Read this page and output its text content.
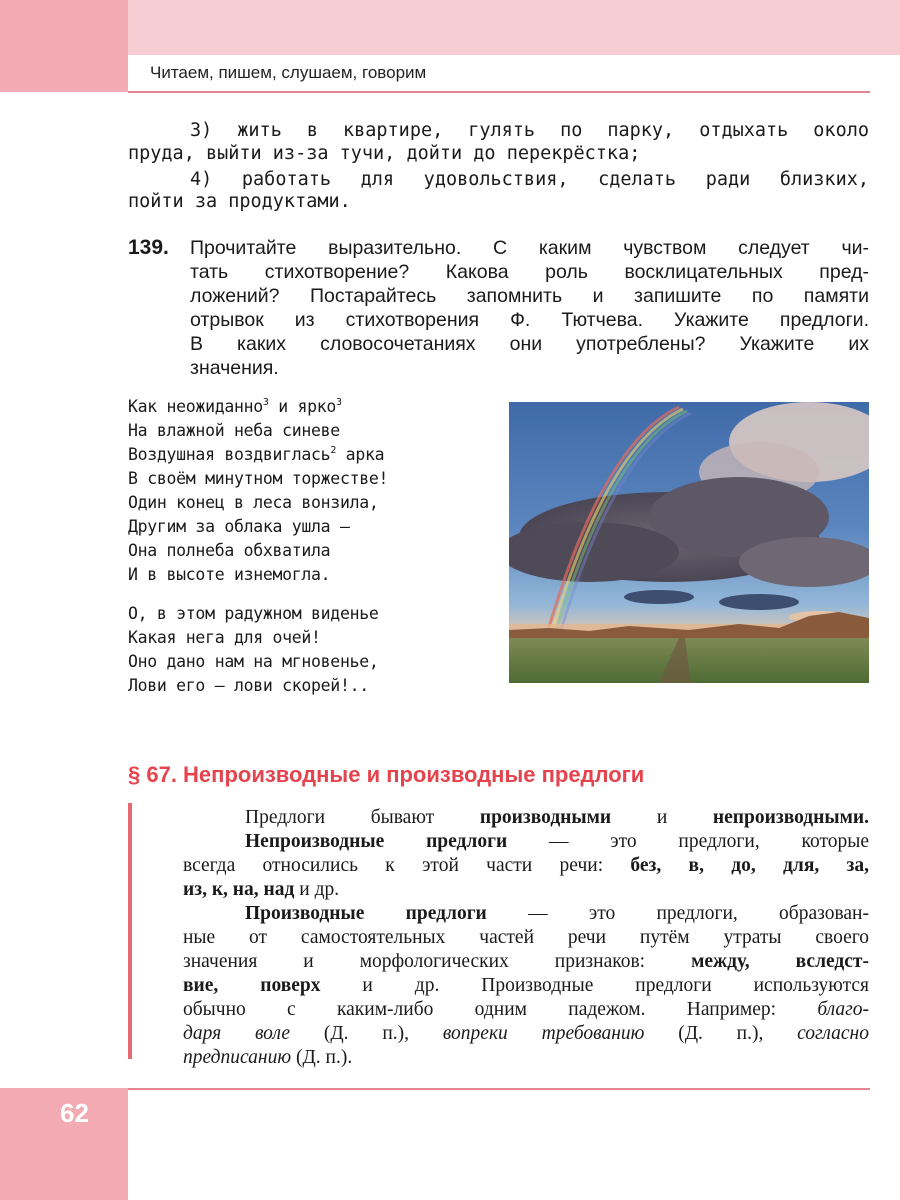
Читаем, пишем, слушаем, говорим
3) жить в квартире, гулять по парку, отдыхать около
пруда, выйти из-за тучи, дойти до перекрёстка;
4) работать для удовольствия, сделать ради близких,
пойти за продуктами.
139. Прочитайте выразительно. С каким чувством следует чи-
тать стихотворение? Какова роль восклицательных пред-
ложений? Постарайтесь запомнить и запишите по памяти
отрывок из стихотворения Ф. Тютчева. Укажите предлоги.
В каких словосочетаниях они употреблены? Укажите их
значения.
Как неожиданно$^3$ и ярко$^3$
На влажной неба синеве
Воздушная воздвиглась$^2$ арка
В своём минутном торжестве!
Один конец в леса вонзила,
Другим за облака ушла —
Она полнеба обхватила
И в высоте изнемогла.
О, в этом радужном виденье
Какая нега для очей!
Оно дано нам на мгновенье,
Лови его — лови скорей!..
§ 67. Непроизводные и производные предлоги
Предлоги бывают производными и непроизводными.
Непроизводные предлоги — это предлоги, которые
всегда относились к этой части речи: без, в, до, для, за,
из, к, на, над и др.
Производные предлоги — это предлоги, образован-
ные от самостоятельных частей речи путём утраты своего
значения и морфологических признаков: между, вследст-
вие, поверх и др. Производные предлоги используются
обычно с каким-либо одним падежом. Например: благо-
даря воле (Д. п.), вопреки требованию (Д. п.), согласно
предписанию (Д. п.).
62
